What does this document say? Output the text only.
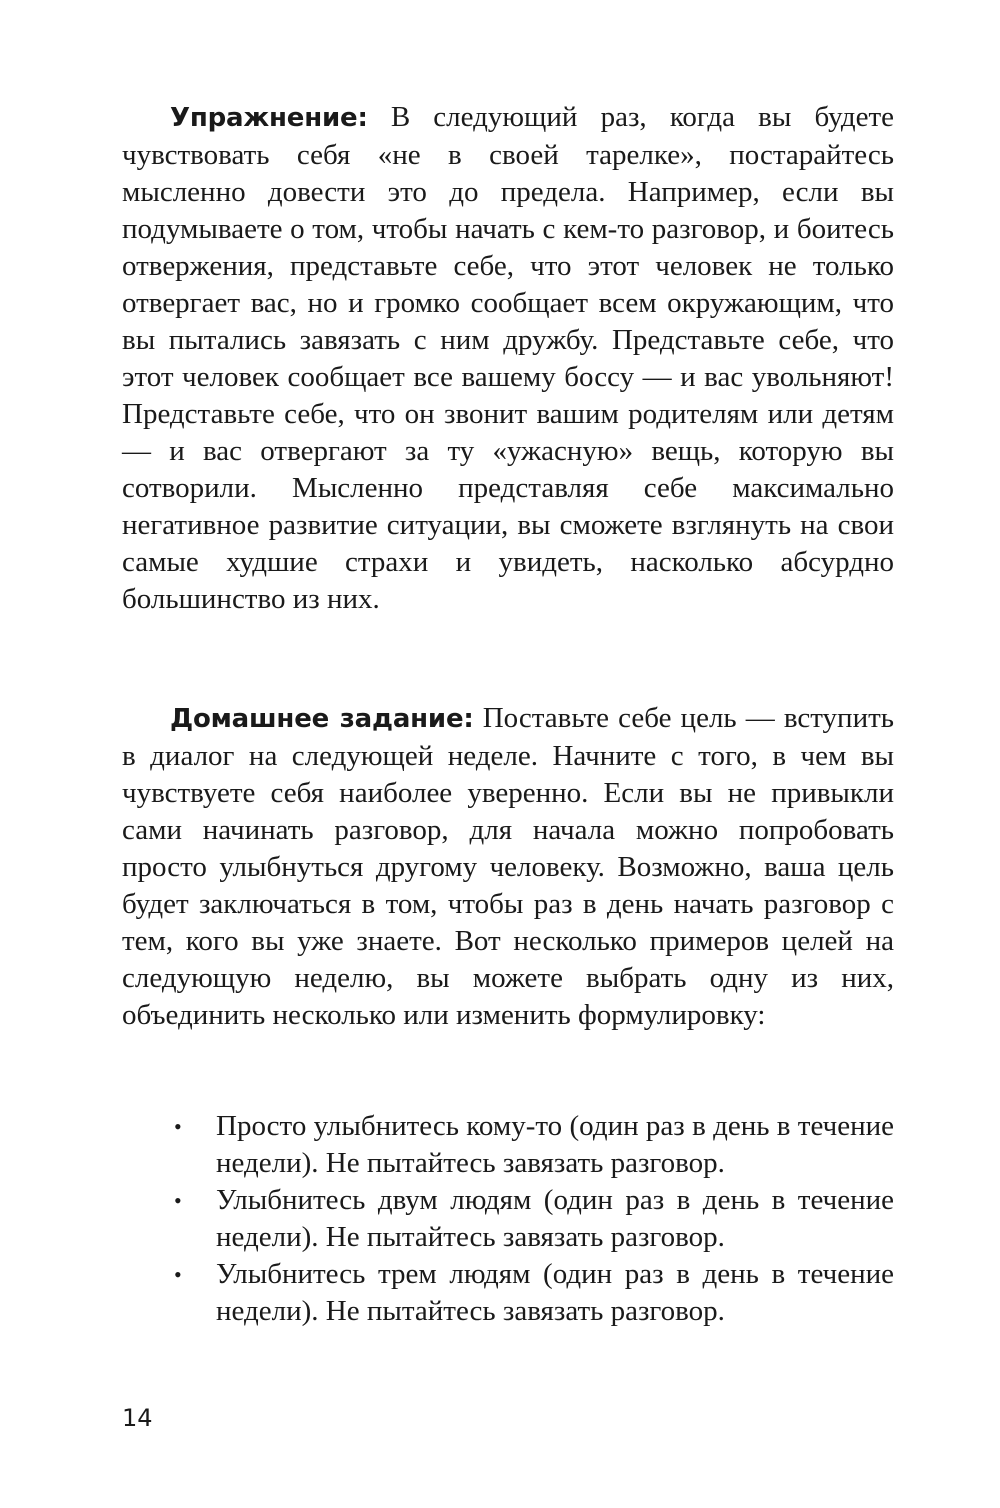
Упражнение: В следующий раз, когда вы будете чувствовать себя «не в своей тарелке», постарайтесь мысленно довести это до предела. Например, если вы подумываете о том, чтобы начать с кем-то разговор, и боитесь отвержения, представьте себе, что этот человек не только отвергает вас, но и громко сообщает всем окружающим, что вы пытались завязать с ним дружбу. Представьте себе, что этот человек сообщает все вашему боссу — и вас увольняют! Представьте себе, что он звонит вашим родителям или детям — и вас отвергают за ту «ужасную» вещь, которую вы сотворили. Мысленно представляя себе максимально негативное развитие ситуации, вы сможете взглянуть на свои самые худшие страхи и увидеть, насколько абсурдно большинство из них.

Домашнее задание: Поставьте себе цель — вступить в диалог на следующей неделе. Начните с того, в чем вы чувствуете себя наиболее уверенно. Если вы не привыкли сами начинать разговор, для начала можно попробовать просто улыбнуться другому человеку. Возможно, ваша цель будет заключаться в том, чтобы раз в день начать разговор с тем, кого вы уже знаете. Вот несколько примеров целей на следующую неделю, вы можете выбрать одну из них, объединить несколько или изменить формулировку:

• Просто улыбнитесь кому-то (один раз в день в течение недели). Не пытайтесь завязать разговор.
• Улыбнитесь двум людям (один раз в день в течение недели). Не пытайтесь завязать разговор.
• Улыбнитесь трем людям (один раз в день в течение недели). Не пытайтесь завязать разговор.
14
